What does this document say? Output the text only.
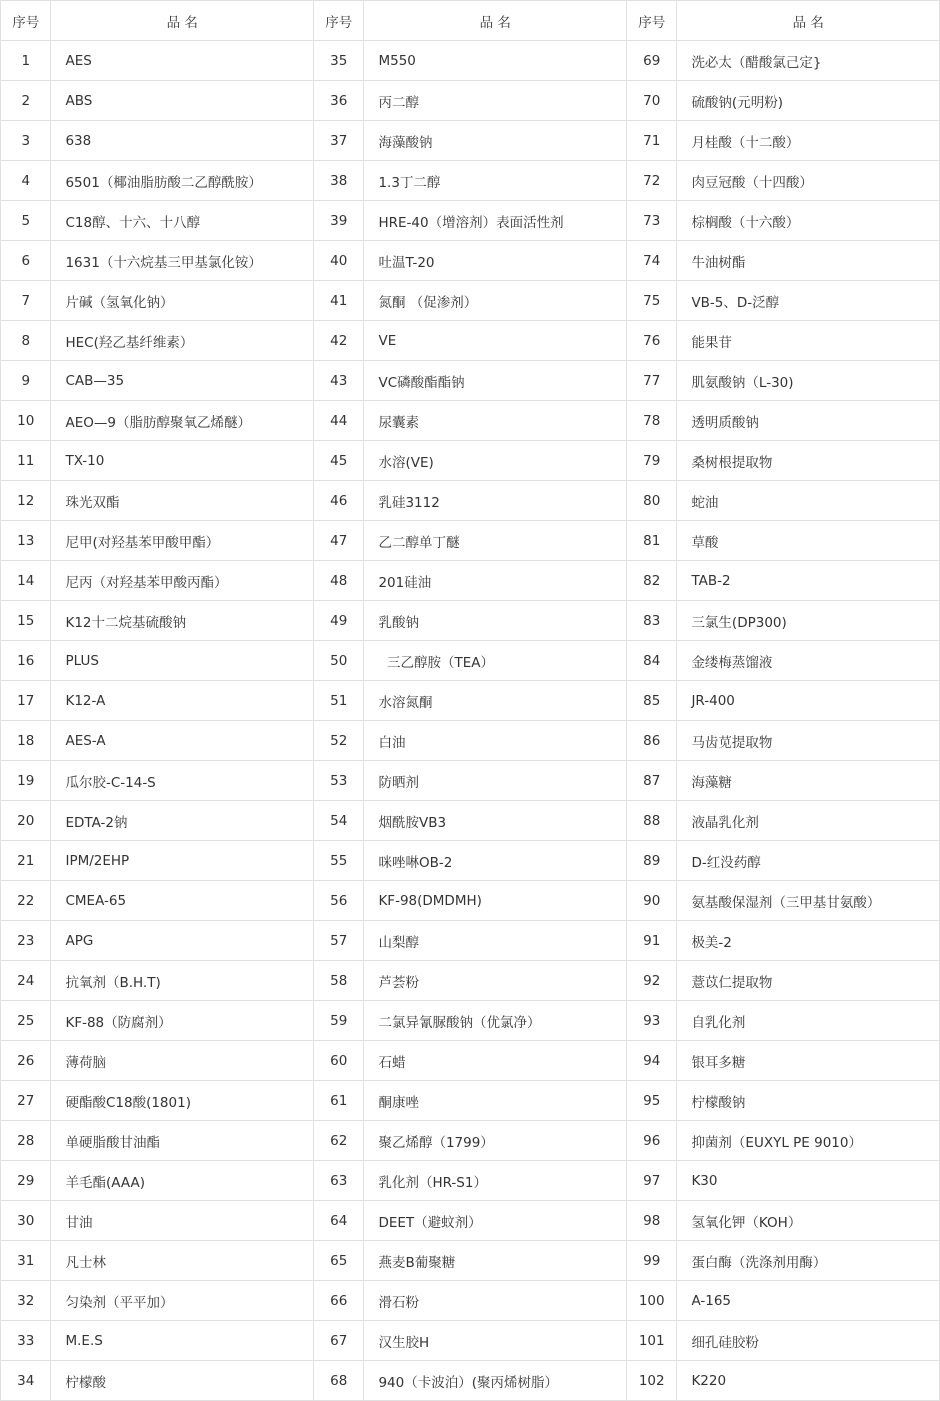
序号	品 名	序号	品 名	序号	品 名
1	AES	35	M550	69	洗必太（醋酸氯己定}
2	ABS	36	丙二醇	70	硫酸钠(元明粉)
3	638	37	海藻酸钠	71	月桂酸（十二酸）
4	6501（椰油脂肪酸二乙醇酰胺）	38	1.3丁二醇	72	肉豆冠酸（十四酸）
5	C18醇、十六、十八醇	39	HRE-40（增溶剂）表面活性剂	73	棕榈酸（十六酸）
6	1631（十六烷基三甲基氯化铵）	40	吐温T-20	74	牛油树酯
7	片碱（氢氧化钠）	41	氮酮 （促渗剂）	75	VB-5、D-泛醇
8	HEC(羟乙基纤维素）	42	VE	76	能果苷
9	CAB—35	43	VC磷酸酯酯钠	77	肌氨酸钠（L-30)
10	AEO—9（脂肪醇聚氧乙烯醚）	44	尿囊素	78	透明质酸钠
11	TX-10	45	水溶(VE)	79	桑树根提取物
12	珠光双酯	46	乳硅3112	80	蛇油
13	尼甲(对羟基苯甲酸甲酯）	47	乙二醇单丁醚	81	草酸
14	尼丙（对羟基苯甲酸丙酯）	48	201硅油	82	TAB-2
15	K12十二烷基硫酸钠	49	乳酸钠	83	三氯生(DP300)
16	PLUS	50	三乙醇胺（TEA）	84	金缕梅蒸馏液
17	K12-A	51	水溶氮酮	85	JR-400
18	AES-A	52	白油	86	马齿苋提取物
19	瓜尔胶-C-14-S	53	防晒剂	87	海藻糖
20	EDTA-2钠	54	烟酰胺VB3	88	液晶乳化剂
21	IPM/2EHP	55	咪唑啉OB-2	89	D-红没药醇
22	CMEA-65	56	KF-98(DMDMH)	90	氨基酸保湿剂（三甲基甘氨酸）
23	APG	57	山梨醇	91	极美-2
24	抗氧剂（B.H.T)	58	芦荟粉	92	薏苡仁提取物
25	KF-88（防腐剂）	59	二氯异氰脲酸钠（优氯净）	93	自乳化剂
26	薄荷脑	60	石蜡	94	银耳多糖
27	硬酯酸C18酸(1801)	61	酮康唑	95	柠檬酸钠
28	单硬脂酸甘油酯	62	聚乙烯醇（1799）	96	抑菌剂（EUXYL PE 9010）
29	羊毛酯(AAA)	63	乳化剂（HR-S1）	97	K30
30	甘油	64	DEET（避蚊剂）	98	氢氧化钾（KOH）
31	凡士林	65	燕麦B葡聚糖	99	蛋白酶（洗涤剂用酶）
32	匀染剂（平平加）	66	滑石粉	100	A-165
33	M.E.S	67	汉生胶H	101	细孔硅胶粉
34	柠檬酸	68	940（卡波泊）(聚丙烯树脂）	102	K220
